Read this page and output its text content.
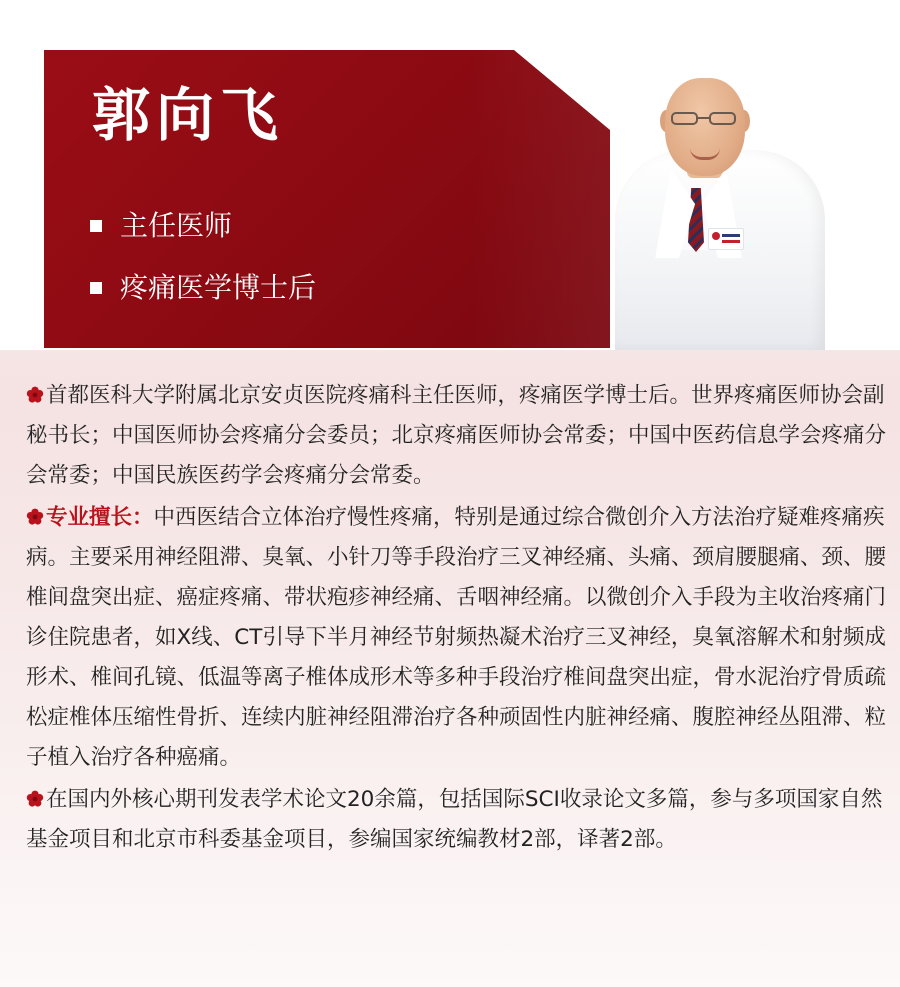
郭向飞
主任医师
疼痛医学博士后

首都医科大学附属北京安贞医院疼痛科主任医师，疼痛医学博士后。世界疼痛医师协会副秘书长；中国医师协会疼痛分会委员；北京疼痛医师协会常委；中国中医药信息学会疼痛分会常委；中国民族医药学会疼痛分会常委。

专业擅长：中西医结合立体治疗慢性疼痛，特别是通过综合微创介入方法治疗疑难疼痛疾病。主要采用神经阻滞、臭氧、小针刀等手段治疗三叉神经痛、头痛、颈肩腰腿痛、颈、腰椎间盘突出症、癌症疼痛、带状疱疹神经痛、舌咽神经痛。以微创介入手段为主收治疼痛门诊住院患者，如X线、CT引导下半月神经节射频热凝术治疗三叉神经，臭氧溶解术和射频成形术、椎间孔镜、低温等离子椎体成形术等多种手段治疗椎间盘突出症，骨水泥治疗骨质疏松症椎体压缩性骨折、连续内脏神经阻滞治疗各种顽固性内脏神经痛、腹腔神经丛阻滞、粒子植入治疗各种癌痛。

在国内外核心期刊发表学术论文20余篇，包括国际SCI收录论文多篇，参与多项国家自然基金项目和北京市科委基金项目，参编国家统编教材2部，译著2部。
